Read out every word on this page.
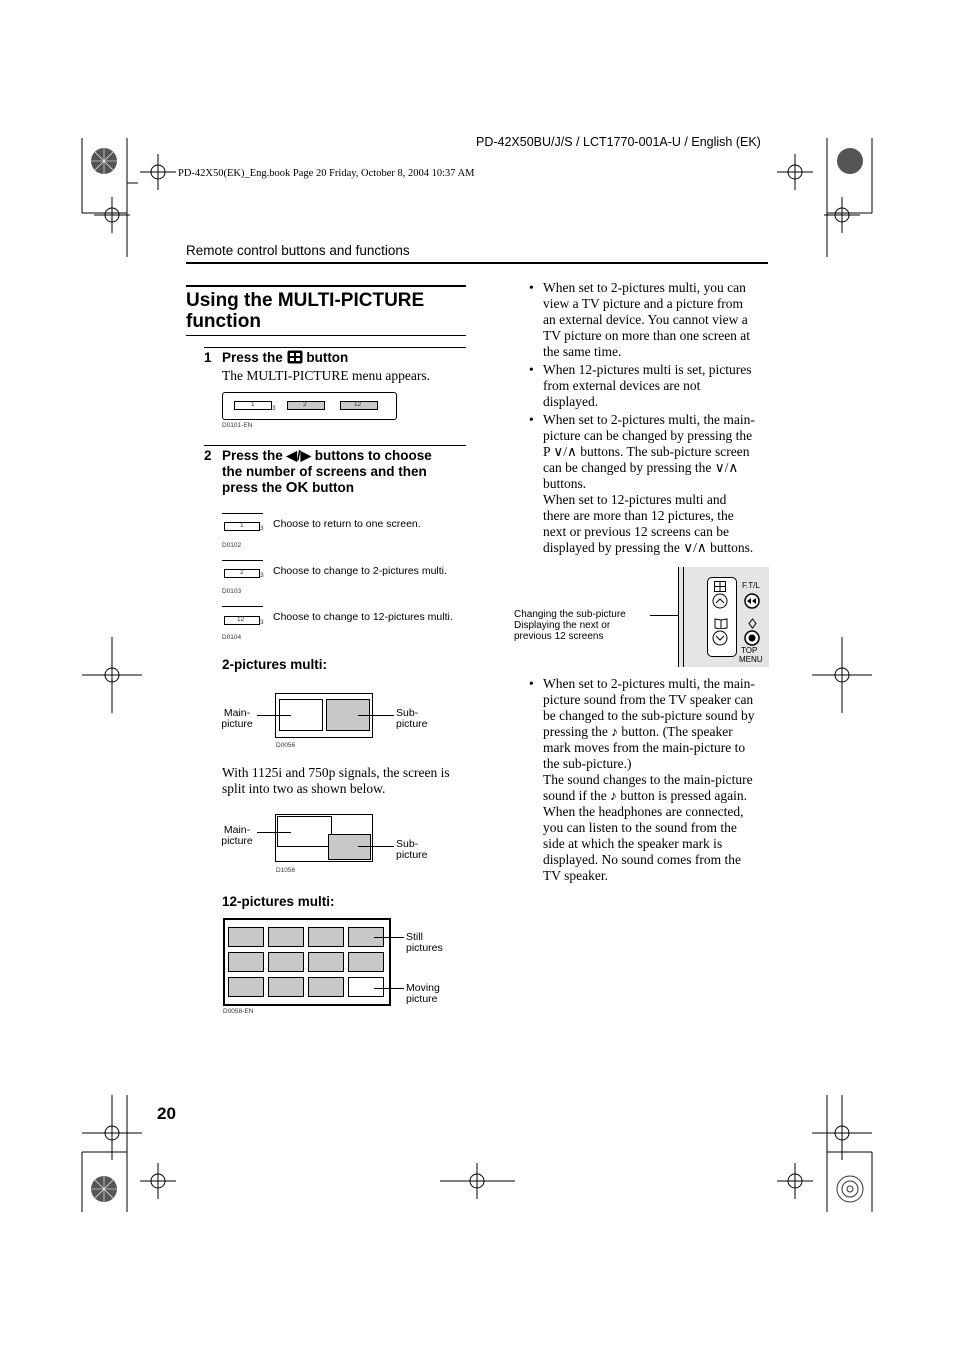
PD-42X50BU/J/S / LCT1770-001A-U / English (EK)
PD-42X50(EK)_Eng.book Page 20 Friday, October 8, 2004 10:37 AM
Remote control buttons and functions
Using the MULTI-PICTURE
function
1 Press the button
The MULTI-PICTURE menu appears.
1
3
2	12
D0101-EN
2 Press the ◀/▶ buttons to choose
the number of screens and then
press the OK button
1	3
D0102
Choose to return to one screen.
2	3
D0103
Choose to change to 2-pictures multi.
12 3
D0104
Choose to change to 12-pictures multi.
2-pictures multi:
Main-
picture
Sub-
picture
D0056
With 1125i and 750p signals, the screen is
split into two as shown below.
Main-
picture	Sub-
picture
D1056
12-pictures multi:
Still
pictures
Moving
picture
D0058-EN
• When set to 2-pictures multi, you can
view a TV picture and a picture from
an external device. You cannot view a
TV picture on more than one screen at
the same time.
• When 12-pictures multi is set, pictures
from external devices are not
displayed.
• When set to 2-pictures multi, the main-
picture can be changed by pressing the
P ∨/∧ buttons. The sub-picture screen
can be changed by pressing the ∨/∧
buttons.
When set to 12-pictures multi and
there are more than 12 pictures, the
next or previous 12 screens can be
displayed by pressing the ∨/∧ buttons.
Changing the sub-picture
Displaying the next or
previous 12 screens
F.T/L
TOP
MENU
• When set to 2-pictures multi, the main-
picture sound from the TV speaker can
be changed to the sub-picture sound by
pressing the ♪ button. (The speaker
mark moves from the main-picture to
the sub-picture.)
The sound changes to the main-picture
sound if the ♪ button is pressed again.
When the headphones are connected,
you can listen to the sound from the
side at which the speaker mark is
displayed. No sound comes from the
TV speaker.
20
